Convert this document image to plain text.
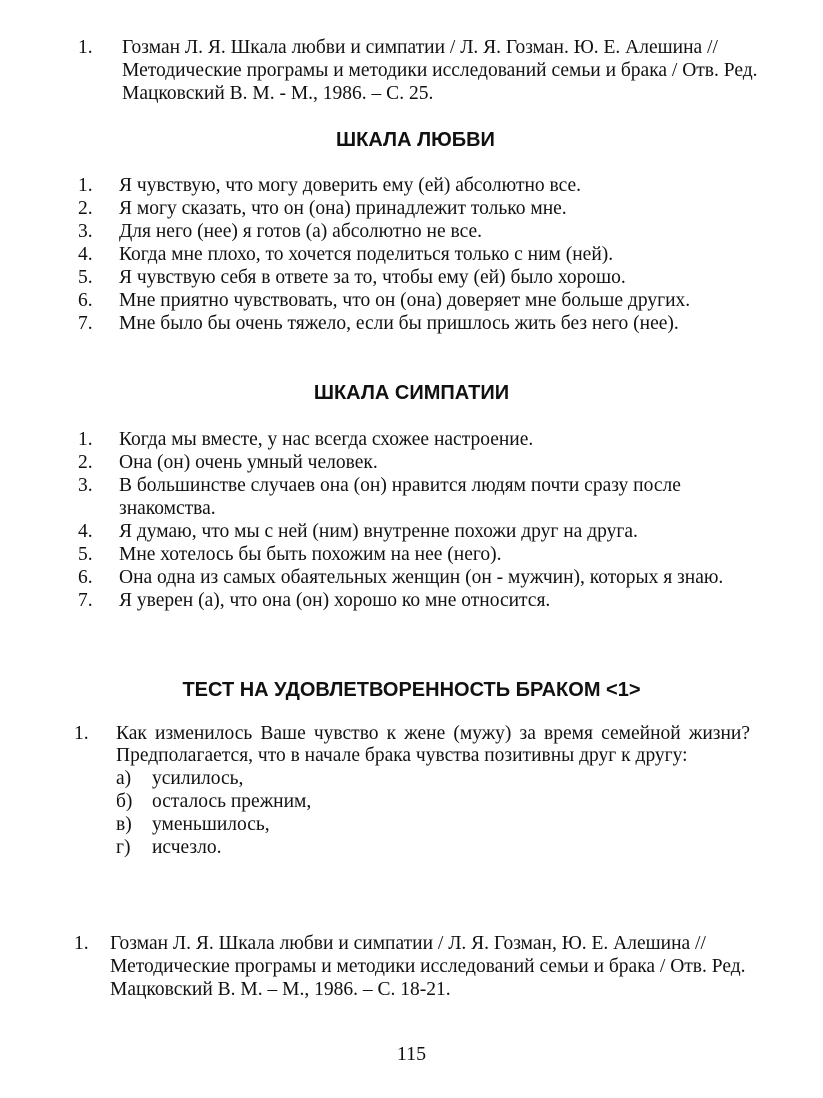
1. Гозман Л. Я. Шкала любви и симпатии / Л. Я. Гозман. Ю. Е. Алешина // Методические програмы и методики исследований семьи и брака / Отв. Ред. Мацковский В. М. - М., 1986. – С. 25.
ШКАЛА ЛЮБВИ
1. Я чувствую, что могу доверить ему (ей) абсолютно все.
2. Я могу сказать, что он (она) принадлежит только мне.
3. Для него (нее) я готов (а) абсолютно не все.
4. Когда мне плохо, то хочется поделиться только с ним (ней).
5. Я чувствую себя в ответе за то, чтобы ему (ей) было хорошо.
6. Мне приятно чувствовать, что он (она) доверяет мне больше других.
7. Мне было бы очень тяжело, если бы пришлось жить без него (нее).
ШКАЛА СИМПАТИИ
1. Когда мы вместе, у нас всегда схожее настроение.
2. Она (он) очень умный человек.
3. В большинстве случаев она (он) нравится людям почти сразу после знакомства.
4. Я думаю, что мы с ней (ним) внутренне похожи друг на друга.
5. Мне хотелось бы быть похожим на нее (него).
6. Она одна из самых обаятельных женщин (он - мужчин), которых я знаю.
7. Я уверен (а), что она (он) хорошо ко мне относится.
ТЕСТ НА УДОВЛЕТВОРЕННОСТЬ БРАКОМ <1>
1. Как изменилось Ваше чувство к жене (мужу) за время семейной жизни? Предполагается, что в начале брака чувства позитивны друг к другу:
а) усилилось,
б) осталось прежним,
в) уменьшилось,
г) исчезло.
1. Гозман Л. Я. Шкала любви и симпатии / Л. Я. Гозман, Ю. Е. Алешина // Методические програмы и методики исследований семьи и брака / Отв. Ред. Мацковский В. М. – М., 1986. – С. 18-21.
115
